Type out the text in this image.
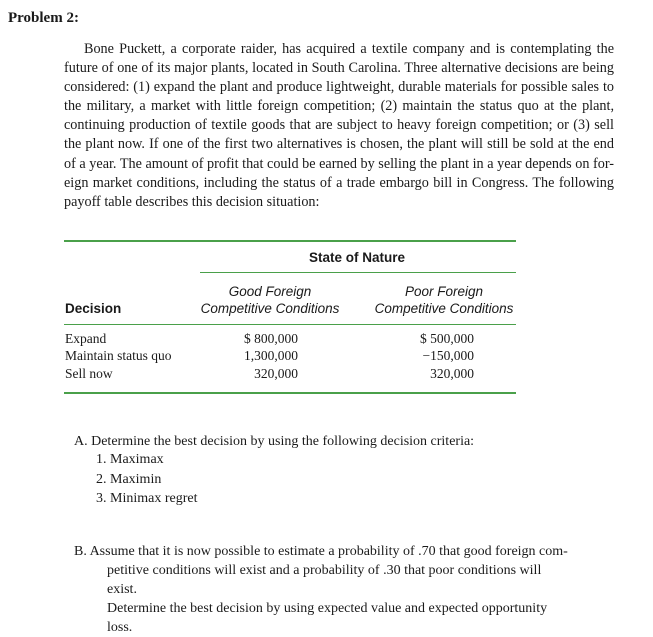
Problem 2:
Bone Puckett, a corporate raider, has acquired a textile company and is contemplating the
future of one of its major plants, located in South Carolina. Three alternative decisions are being
considered: (1) expand the plant and produce lightweight, durable materials for possible sales to
the military, a market with little foreign competition; (2) maintain the status quo at the plant,
continuing production of textile goods that are subject to heavy foreign competition; or (3) sell
the plant now. If one of the first two alternatives is chosen, the plant will still be sold at the end
of a year. The amount of profit that could be earned by selling the plant in a year depends on for-
eign market conditions, including the status of a trade embargo bill in Congress. The following
payoff table describes this decision situation:
State of Nature
Good Foreign
Competitive Conditions
Poor Foreign
Competitive Conditions
Decision
Expand
Maintain status quo
Sell now
$ 800,000
1,300,000
320,000
$ 500,000
−150,000
320,000
A. Determine the best decision by using the following decision criteria:
1. Maximax
2. Maximin
3. Minimax regret
B. Assume that it is now possible to estimate a probability of .70 that good foreign com-
petitive conditions will exist and a probability of .30 that poor conditions will exist.
Determine the best decision by using expected value and expected opportunity loss.
